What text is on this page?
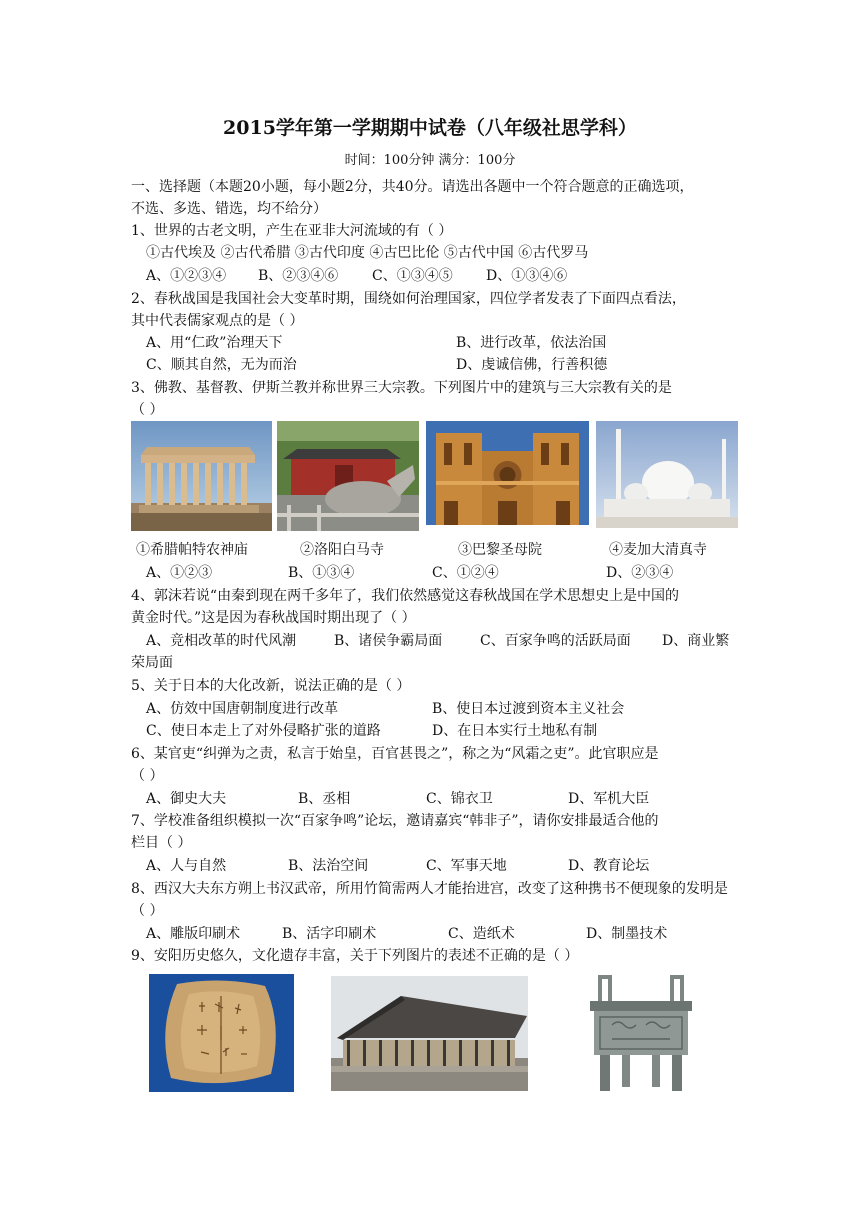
2015学年第一学期期中试卷（八年级社思学科）
时间：100分钟 满分：100分
一、选择题（本题20小题，每小题2分，共40分。请选出各题中一个符合题意的正确选项，
不选、多选、错选，均不给分）
1、世界的古老文明，产生在亚非大河流域的有（ ）
①古代埃及 ②古代希腊 ③古代印度 ④古巴比伦 ⑤古代中国 ⑥古代罗马
A、①②③④ B、②③④⑥ C、①③④⑤ D、①③④⑥
2、春秋战国是我国社会大变革时期，围绕如何治理国家，四位学者发表了下面四点看法，
其中代表儒家观点的是（ ）
A、用“仁政”治理天下	B、进行改革，依法治国
C、顺其自然，无为而治	D、虔诚信佛，行善积德
3、佛教、基督教、伊斯兰教并称世界三大宗教。下列图片中的建筑与三大宗教有关的是
（ ）
①希腊帕特农神庙	②洛阳白马寺	③巴黎圣母院	④麦加大清真寺
A、①②③	B、①③④	C、①②④	D、②③④
4、郭沫若说“由秦到现在两千多年了，我们依然感觉这春秋战国在学术思想史上是中国的
黄金时代。”这是因为春秋战国时期出现了（ ）
A、竞相改革的时代风潮	B、诸侯争霸局面	C、百家争鸣的活跃局面 D、商业繁
荣局面
5、关于日本的大化改新，说法正确的是（ ）
A、仿效中国唐朝制度进行改革	B、使日本过渡到资本主义社会
C、使日本走上了对外侵略扩张的道路	D、在日本实行土地私有制
6、某官吏“纠弹为之责，私言于始皇，百官甚畏之”，称之为“风霜之吏”。此官职应是
（ ）
A、御史大夫	B、丞相	C、锦衣卫	D、军机大臣
7、学校准备组织模拟一次“百家争鸣”论坛，邀请嘉宾“韩非子”，请你安排最适合他的
栏目（ ）
A、人与自然	B、法治空间	C、军事天地	D、教育论坛
8、西汉大夫东方朔上书汉武帝，所用竹简需两人才能抬进宫，改变了这种携书不便现象的发明是
（ ）
A、雕版印刷术	B、活字印刷术	C、造纸术	D、制墨技术
9、安阳历史悠久，文化遗存丰富，关于下列图片的表述不正确的是（ ）
